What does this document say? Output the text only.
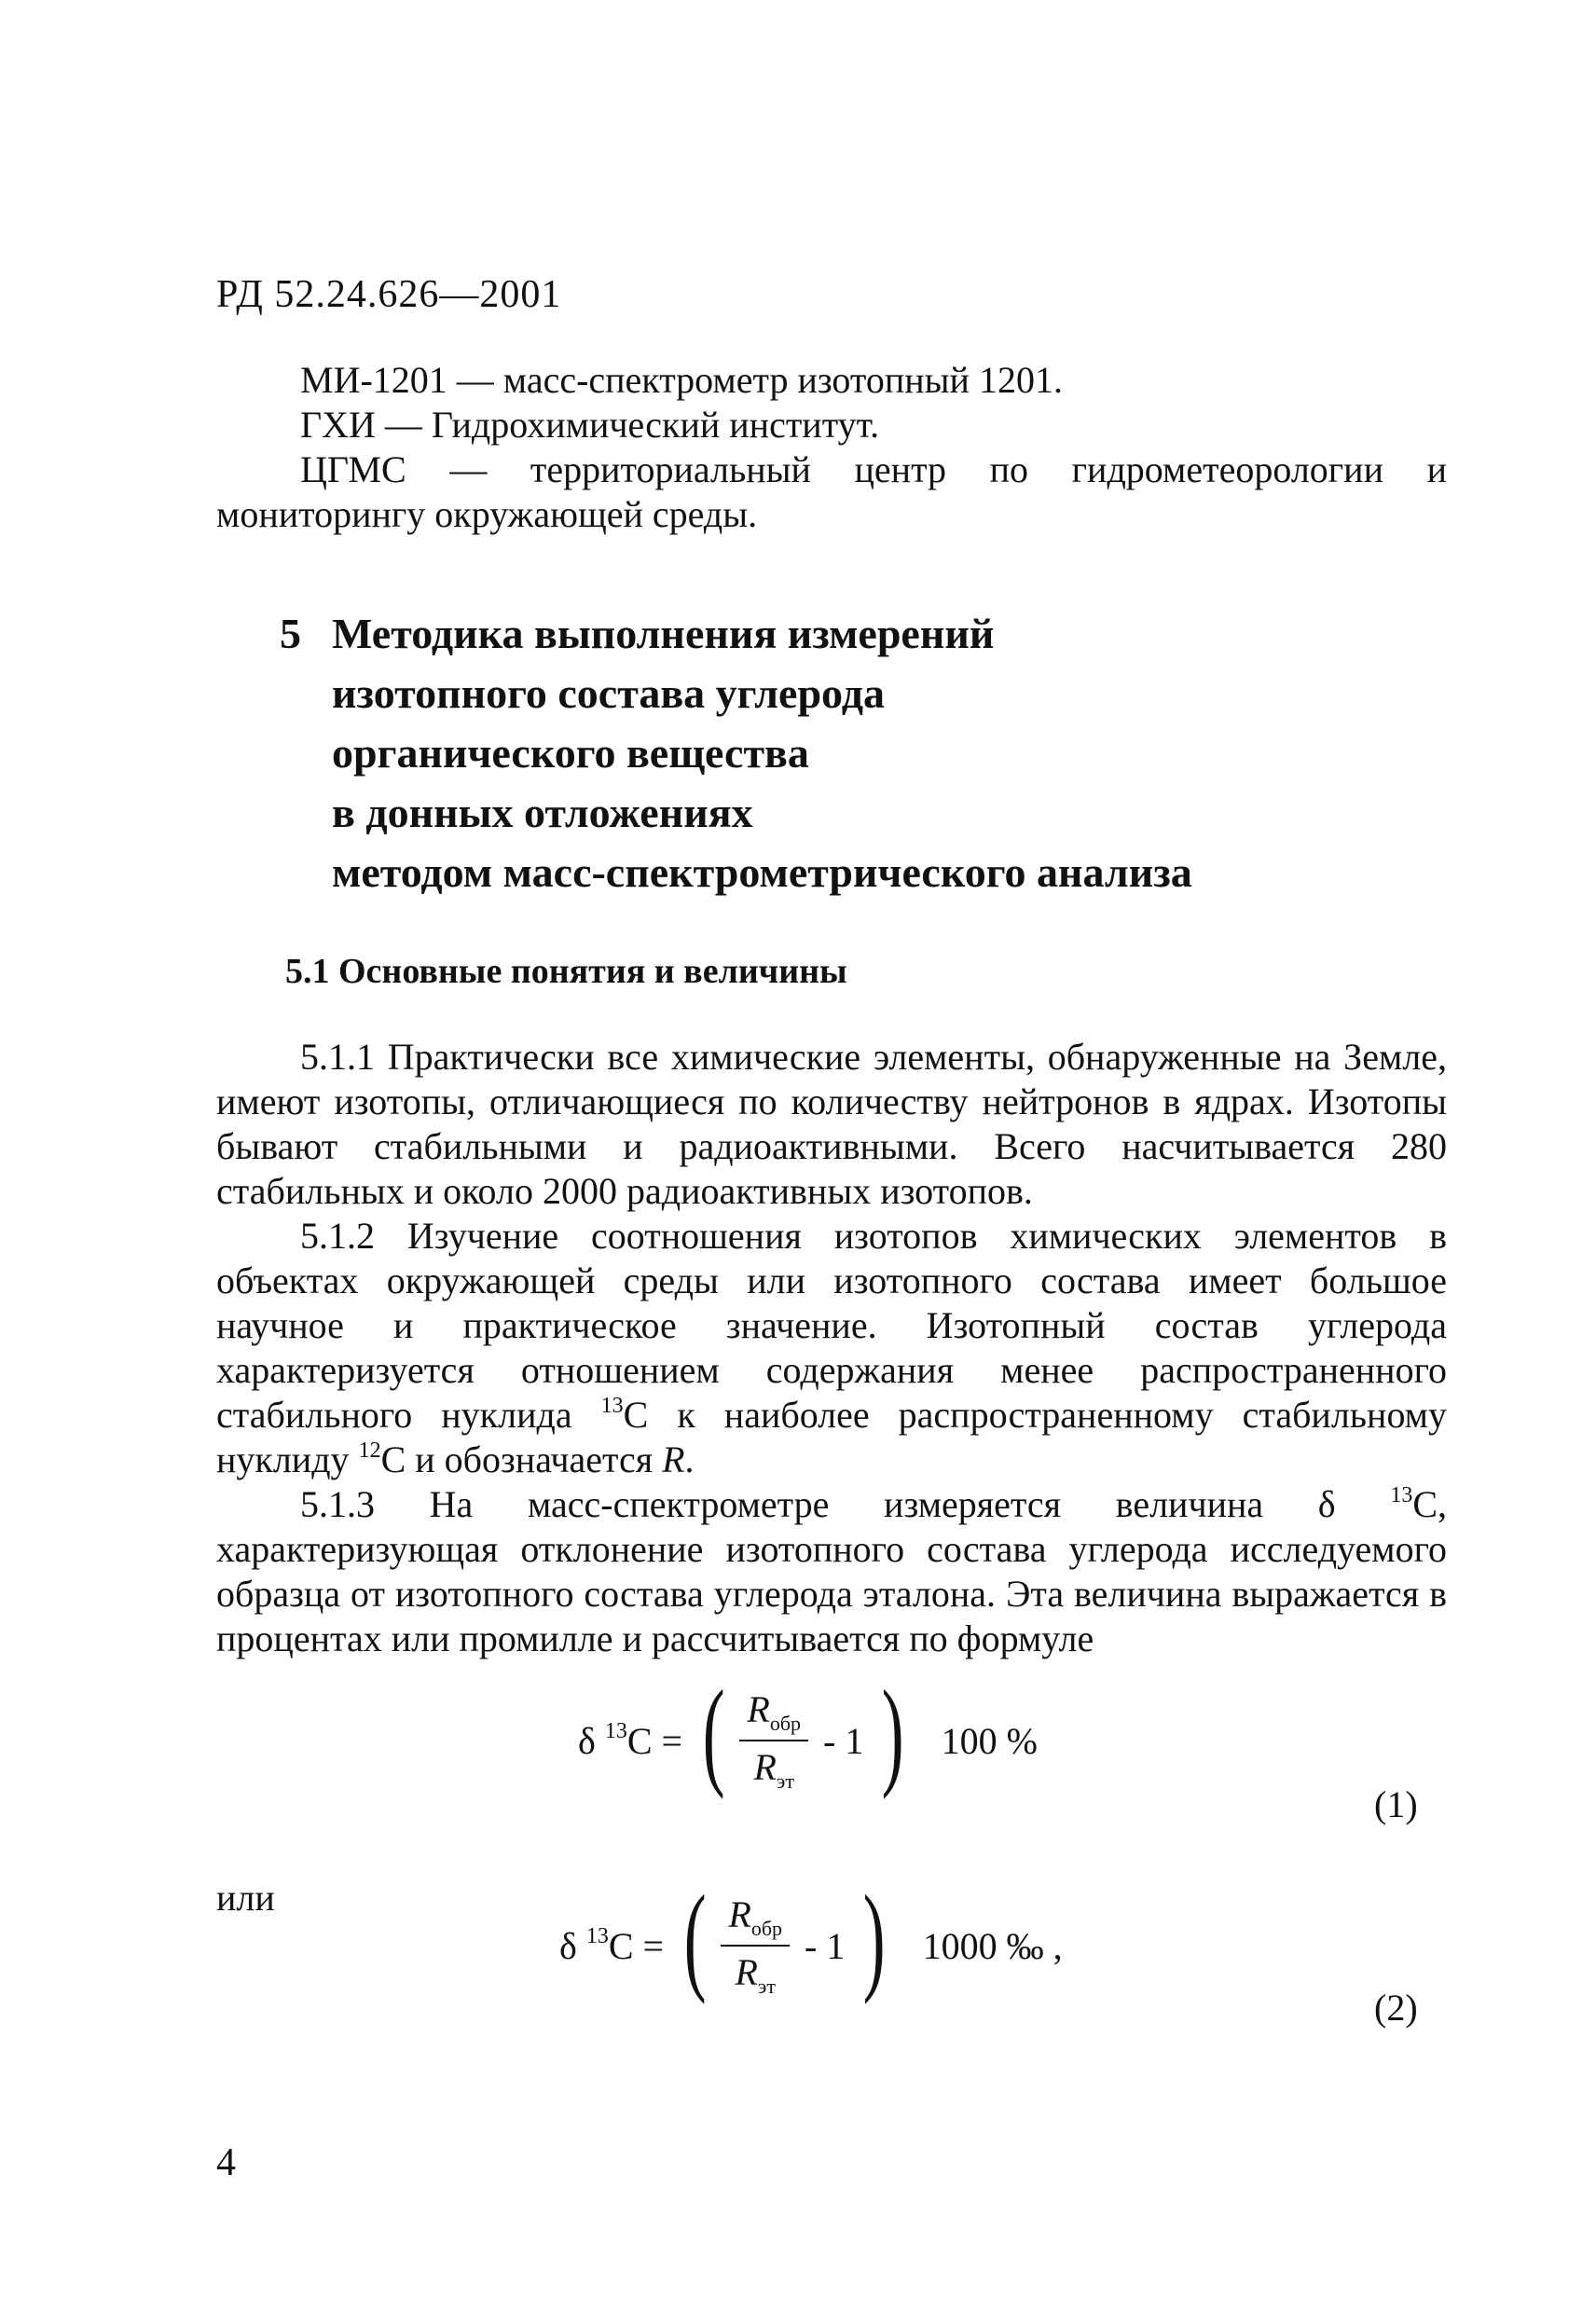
РД 52.24.626—2001

МИ-1201 — масс-спектрометр изотопный 1201.

ГХИ — Гидрохимический институт.

ЦГМС — территориальный центр по гидрометеорологии и мониторингу окружающей среды.

5 Методика выполнения измерений
изотопного состава углерода
органического вещества
в донных отложениях
методом масс-спектрометрического анализа
5.1 Основные понятия и величины

5.1.1 Практически все химические элементы, обнаруженные на Земле, имеют изотопы, отличающиеся по количеству нейтронов в ядрах. Изотопы бывают стабильными и радиоактивными. Всего насчитывается 280 стабильных и около 2000 радиоактивных изотопов.

5.1.2 Изучение соотношения изотопов химических элементов в объектах окружающей среды или изотопного состава имеет большое научное и практическое значение. Изотопный состав углерода характеризуется отношением содержания менее распространенного стабильного нуклида $^{13}$С к наиболее распространенному стабильному нуклиду $^{12}$С и обозначается R.

5.1.3 На масс-спектрометре измеряется величина δ $^{13}$С, характеризующая отклонение изотопного состава углерода исследуемого образца от изотопного состава углерода эталона. Эта величина выражается в процентах или промилле и рассчитывается по формуле

δ $^{13}$С = ( $\frac{R_{обр}}{R_{эт}} - 1$ ) 100 %
(1)
или
δ $^{13}$С = ( $\frac{R_{обр}}{R_{эт}} - 1$ ) 1000 ‰ ,
(2)
4
